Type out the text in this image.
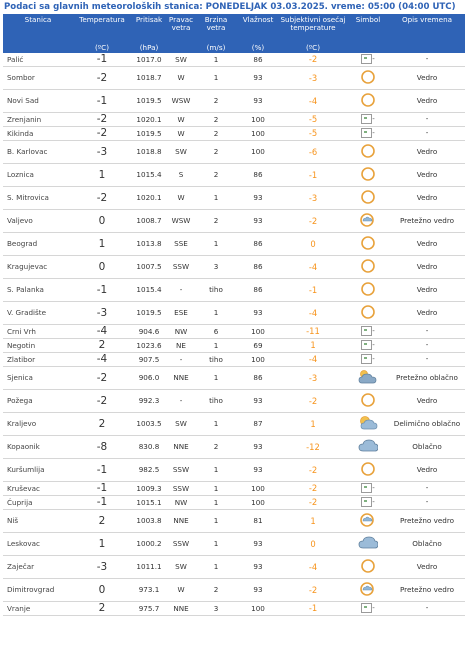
Podaci sa glavnih meteoroloških stanica: PONEDELJAK 03.03.2025. vreme: 05:00 (04:00 UTC)
Stanica	Temperatura	Pritisak	Pravac vetra	Brzina vetra	Vlažnost	Subjektivni osećaj temperature	Simbol	Opis vremena
	(ºC)	(hPa)		(m/s)	(%)	(ºC)		
Palić	-1	1017.0	SW	1	86	-2	-	-
Sombor	-2	1018.7	W	1	93	-3		Vedro
Novi Sad	-1	1019.5	WSW	2	93	-4		Vedro
Zrenjanin	-2	1020.1	W	2	100	-5	-	-
Kikinda	-2	1019.5	W	2	100	-5	-	-
B. Karlovac	-3	1018.8	SW	2	100	-6		Vedro
Loznica	1	1015.4	S	2	86	-1		Vedro
S. Mitrovica	-2	1020.1	W	1	93	-3		Vedro
Valjevo	0	1008.7	WSW	2	93	-2		Pretežno vedro
Beograd	1	1013.8	SSE	1	86	0		Vedro
Kragujevac	0	1007.5	SSW	3	86	-4		Vedro
S. Palanka	-1	1015.4	-	tiho	86	-1		Vedro
V. Gradište	-3	1019.5	ESE	1	93	-4		Vedro
Crni Vrh	-4	904.6	NW	6	100	-11	-	-
Negotin	2	1023.6	NE	1	69	1	-	-
Zlatibor	-4	907.5	-	tiho	100	-4	-	-
Sjenica	-2	906.0	NNE	1	86	-3		Pretežno oblačno
Požega	-2	992.3	-	tiho	93	-2		Vedro
Kraljevo	2	1003.5	SW	1	87	1		Delimično oblačno
Kopaonik	-8	830.8	NNE	2	93	-12		Oblačno
Kuršumlija	-1	982.5	SSW	1	93	-2		Vedro
Kruševac	-1	1009.3	SSW	1	100	-2	-	-
Ćuprija	-1	1015.1	NW	1	100	-2	-	-
Niš	2	1003.8	NNE	1	81	1		Pretežno vedro
Leskovac	1	1000.2	SSW	1	93	0		Oblačno
Zaječar	-3	1011.1	SW	1	93	-4		Vedro
Dimitrovgrad	0	973.1	W	2	93	-2		Pretežno vedro
Vranje	2	975.7	NNE	3	100	-1	-	-
